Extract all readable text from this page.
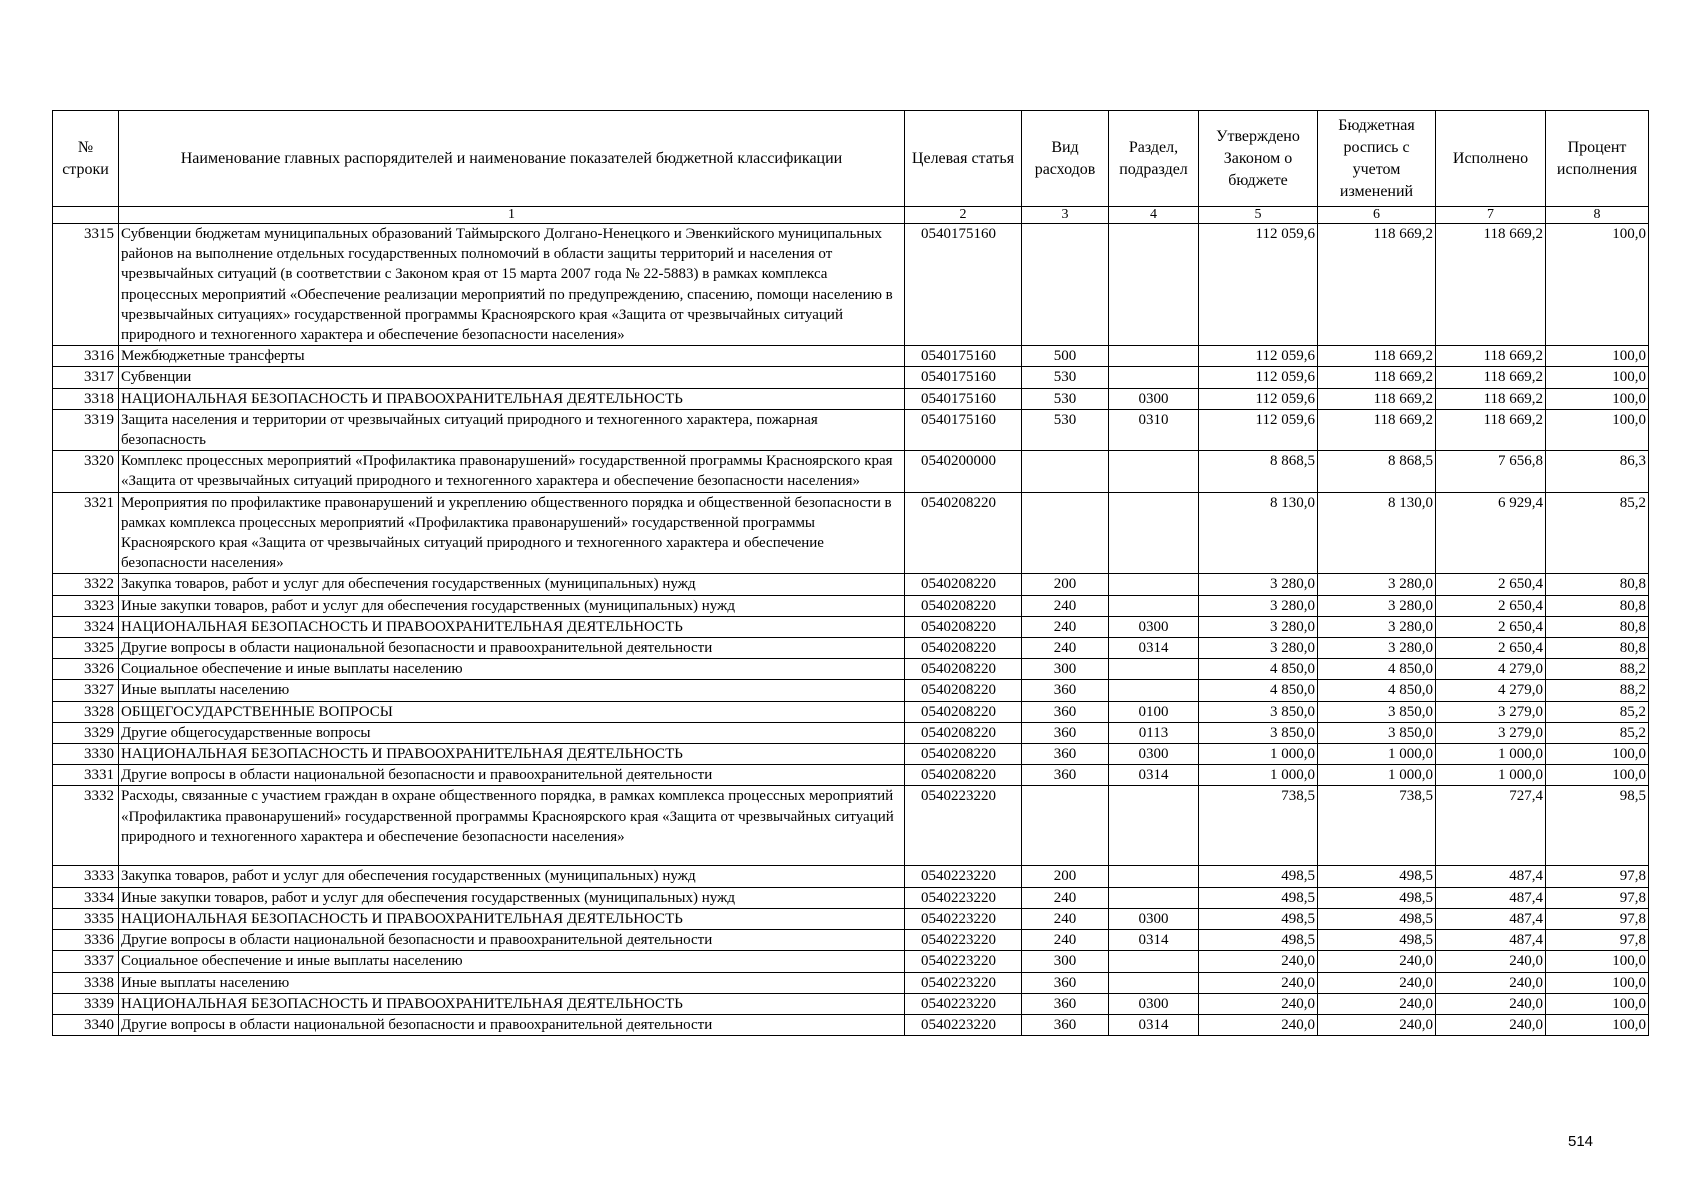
№ строки	Наименование главных распорядителей и наименование показателей бюджетной классификации	Целевая статья	Вид расходов	Раздел, подраздел	Утверждено Законом о бюджете	Бюджетная роспись с учетом изменений	Исполнено	Процент исполнения
	1	2	3	4	5	6	7	8
3315	Субвенции бюджетам муниципальных образований Таймырского Долгано-Ненецкого и Эвенкийского муниципальных районов на выполнение отдельных государственных полномочий в области защиты территорий и населения от чрезвычайных ситуаций (в соответствии с Законом края от 15 марта 2007 года № 22-5883) в рамках комплекса процессных мероприятий «Обеспечение реализации мероприятий по предупреждению, спасению, помощи населению в чрезвычайных ситуациях» государственной программы Красноярского края «Защита от чрезвычайных ситуаций природного и техногенного характера и обеспечение безопасности населения»	0540175160			112 059,6	118 669,2	118 669,2	100,0
3316	Межбюджетные трансферты	0540175160	500		112 059,6	118 669,2	118 669,2	100,0
3317	Субвенции	0540175160	530		112 059,6	118 669,2	118 669,2	100,0
3318	НАЦИОНАЛЬНАЯ БЕЗОПАСНОСТЬ И ПРАВООХРАНИТЕЛЬНАЯ ДЕЯТЕЛЬНОСТЬ	0540175160	530	0300	112 059,6	118 669,2	118 669,2	100,0
3319	Защита населения и территории от чрезвычайных ситуаций природного и техногенного характера, пожарная безопасность	0540175160	530	0310	112 059,6	118 669,2	118 669,2	100,0
3320	Комплекс процессных мероприятий «Профилактика правонарушений» государственной программы Красноярского края «Защита от чрезвычайных ситуаций природного и техногенного характера и обеспечение безопасности населения»	0540200000			8 868,5	8 868,5	7 656,8	86,3
3321	Мероприятия по профилактике правонарушений и укреплению общественного порядка и общественной безопасности в рамках комплекса процессных мероприятий «Профилактика правонарушений» государственной программы Красноярского края «Защита от чрезвычайных ситуаций природного и техногенного характера и обеспечение безопасности населения»	0540208220			8 130,0	8 130,0	6 929,4	85,2
3322	Закупка товаров, работ и услуг для обеспечения государственных (муниципальных) нужд	0540208220	200		3 280,0	3 280,0	2 650,4	80,8
3323	Иные закупки товаров, работ и услуг для обеспечения государственных (муниципальных) нужд	0540208220	240		3 280,0	3 280,0	2 650,4	80,8
3324	НАЦИОНАЛЬНАЯ БЕЗОПАСНОСТЬ И ПРАВООХРАНИТЕЛЬНАЯ ДЕЯТЕЛЬНОСТЬ	0540208220	240	0300	3 280,0	3 280,0	2 650,4	80,8
3325	Другие вопросы в области национальной безопасности и правоохранительной деятельности	0540208220	240	0314	3 280,0	3 280,0	2 650,4	80,8
3326	Социальное обеспечение и иные выплаты населению	0540208220	300		4 850,0	4 850,0	4 279,0	88,2
3327	Иные выплаты населению	0540208220	360		4 850,0	4 850,0	4 279,0	88,2
3328	ОБЩЕГОСУДАРСТВЕННЫЕ ВОПРОСЫ	0540208220	360	0100	3 850,0	3 850,0	3 279,0	85,2
3329	Другие общегосударственные вопросы	0540208220	360	0113	3 850,0	3 850,0	3 279,0	85,2
3330	НАЦИОНАЛЬНАЯ БЕЗОПАСНОСТЬ И ПРАВООХРАНИТЕЛЬНАЯ ДЕЯТЕЛЬНОСТЬ	0540208220	360	0300	1 000,0	1 000,0	1 000,0	100,0
3331	Другие вопросы в области национальной безопасности и правоохранительной деятельности	0540208220	360	0314	1 000,0	1 000,0	1 000,0	100,0
3332	Расходы, связанные с участием граждан в охране общественного порядка, в рамках комплекса процессных мероприятий «Профилактика правонарушений» государственной программы Красноярского края «Защита от чрезвычайных ситуаций природного и техногенного характера и обеспечение безопасности населения»	0540223220			738,5	738,5	727,4	98,5
3333	Закупка товаров, работ и услуг для обеспечения государственных (муниципальных) нужд	0540223220	200		498,5	498,5	487,4	97,8
3334	Иные закупки товаров, работ и услуг для обеспечения государственных (муниципальных) нужд	0540223220	240		498,5	498,5	487,4	97,8
3335	НАЦИОНАЛЬНАЯ БЕЗОПАСНОСТЬ И ПРАВООХРАНИТЕЛЬНАЯ ДЕЯТЕЛЬНОСТЬ	0540223220	240	0300	498,5	498,5	487,4	97,8
3336	Другие вопросы в области национальной безопасности и правоохранительной деятельности	0540223220	240	0314	498,5	498,5	487,4	97,8
3337	Социальное обеспечение и иные выплаты населению	0540223220	300		240,0	240,0	240,0	100,0
3338	Иные выплаты населению	0540223220	360		240,0	240,0	240,0	100,0
3339	НАЦИОНАЛЬНАЯ БЕЗОПАСНОСТЬ И ПРАВООХРАНИТЕЛЬНАЯ ДЕЯТЕЛЬНОСТЬ	0540223220	360	0300	240,0	240,0	240,0	100,0
3340	Другие вопросы в области национальной безопасности и правоохранительной деятельности	0540223220	360	0314	240,0	240,0	240,0	100,0
514
